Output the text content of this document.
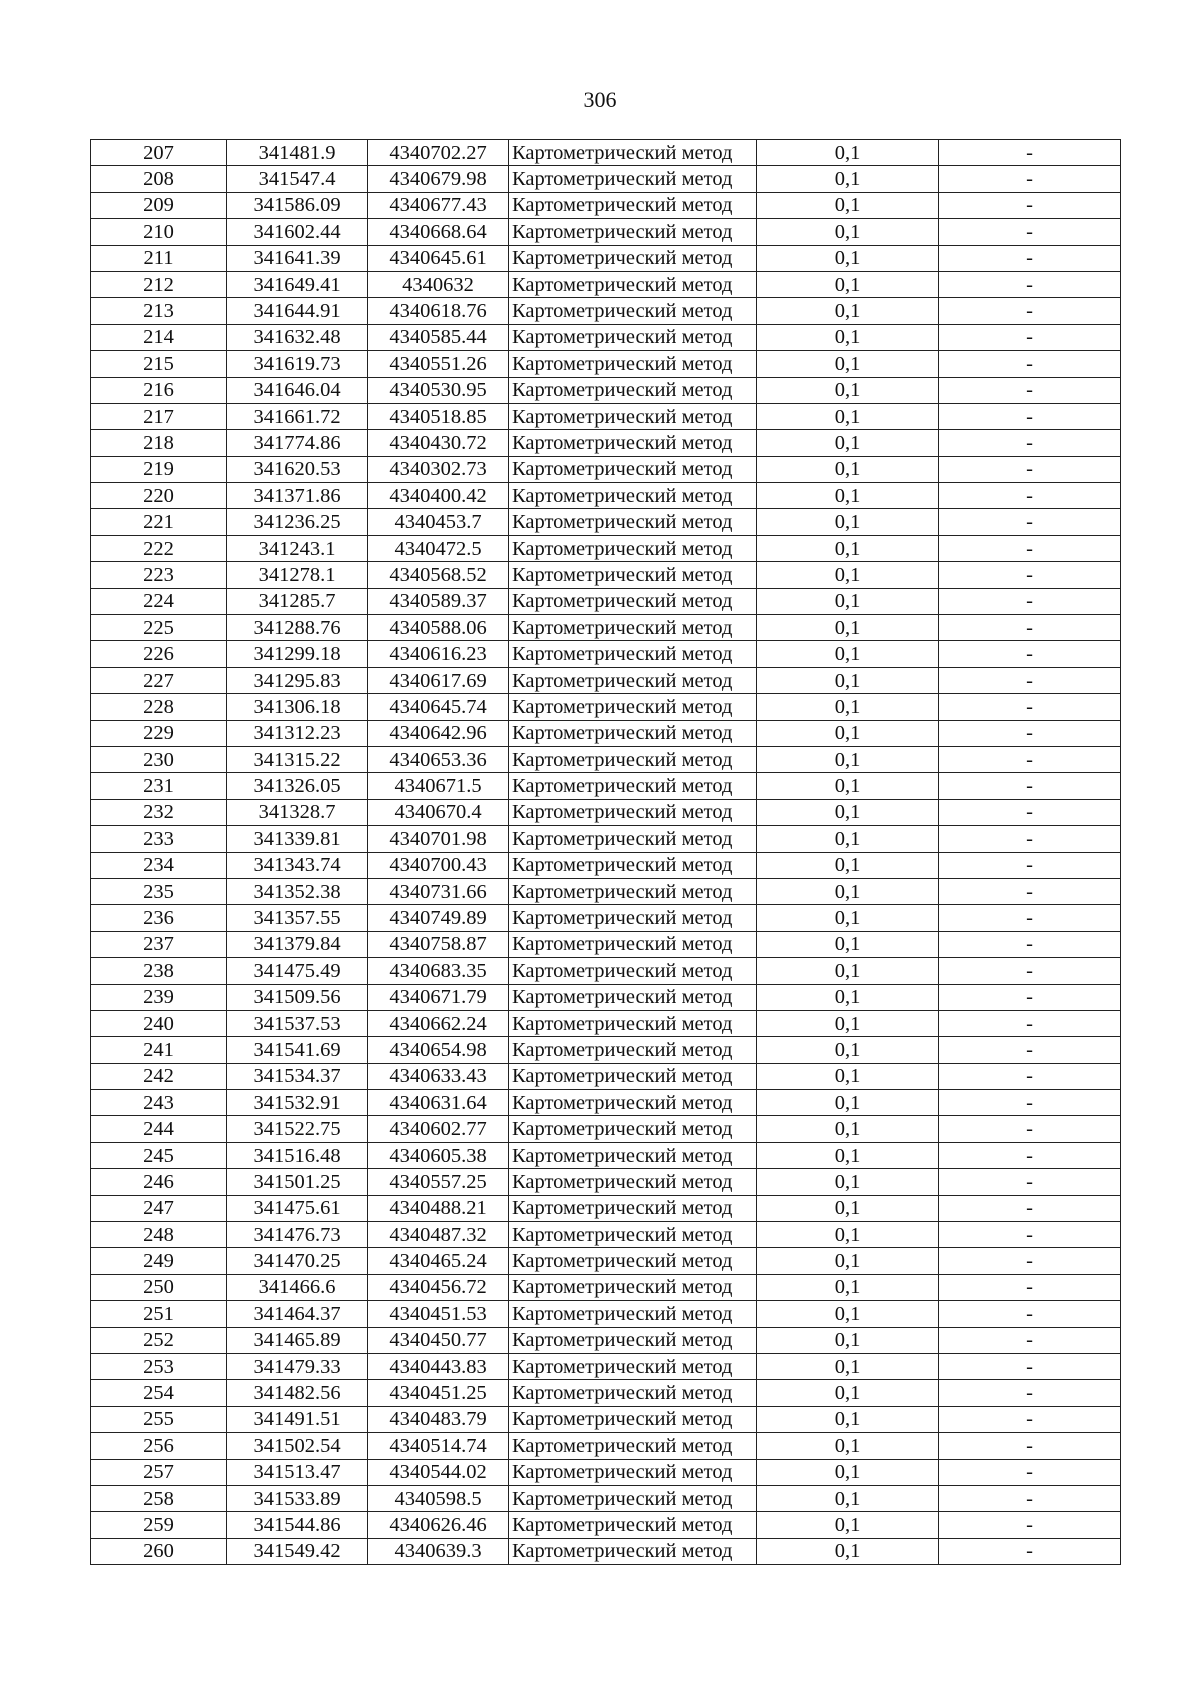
306
207	341481.9	4340702.27	Картометрический метод	0,1	-
208	341547.4	4340679.98	Картометрический метод	0,1	-
209	341586.09	4340677.43	Картометрический метод	0,1	-
210	341602.44	4340668.64	Картометрический метод	0,1	-
211	341641.39	4340645.61	Картометрический метод	0,1	-
212	341649.41	4340632	Картометрический метод	0,1	-
213	341644.91	4340618.76	Картометрический метод	0,1	-
214	341632.48	4340585.44	Картометрический метод	0,1	-
215	341619.73	4340551.26	Картометрический метод	0,1	-
216	341646.04	4340530.95	Картометрический метод	0,1	-
217	341661.72	4340518.85	Картометрический метод	0,1	-
218	341774.86	4340430.72	Картометрический метод	0,1	-
219	341620.53	4340302.73	Картометрический метод	0,1	-
220	341371.86	4340400.42	Картометрический метод	0,1	-
221	341236.25	4340453.7	Картометрический метод	0,1	-
222	341243.1	4340472.5	Картометрический метод	0,1	-
223	341278.1	4340568.52	Картометрический метод	0,1	-
224	341285.7	4340589.37	Картометрический метод	0,1	-
225	341288.76	4340588.06	Картометрический метод	0,1	-
226	341299.18	4340616.23	Картометрический метод	0,1	-
227	341295.83	4340617.69	Картометрический метод	0,1	-
228	341306.18	4340645.74	Картометрический метод	0,1	-
229	341312.23	4340642.96	Картометрический метод	0,1	-
230	341315.22	4340653.36	Картометрический метод	0,1	-
231	341326.05	4340671.5	Картометрический метод	0,1	-
232	341328.7	4340670.4	Картометрический метод	0,1	-
233	341339.81	4340701.98	Картометрический метод	0,1	-
234	341343.74	4340700.43	Картометрический метод	0,1	-
235	341352.38	4340731.66	Картометрический метод	0,1	-
236	341357.55	4340749.89	Картометрический метод	0,1	-
237	341379.84	4340758.87	Картометрический метод	0,1	-
238	341475.49	4340683.35	Картометрический метод	0,1	-
239	341509.56	4340671.79	Картометрический метод	0,1	-
240	341537.53	4340662.24	Картометрический метод	0,1	-
241	341541.69	4340654.98	Картометрический метод	0,1	-
242	341534.37	4340633.43	Картометрический метод	0,1	-
243	341532.91	4340631.64	Картометрический метод	0,1	-
244	341522.75	4340602.77	Картометрический метод	0,1	-
245	341516.48	4340605.38	Картометрический метод	0,1	-
246	341501.25	4340557.25	Картометрический метод	0,1	-
247	341475.61	4340488.21	Картометрический метод	0,1	-
248	341476.73	4340487.32	Картометрический метод	0,1	-
249	341470.25	4340465.24	Картометрический метод	0,1	-
250	341466.6	4340456.72	Картометрический метод	0,1	-
251	341464.37	4340451.53	Картометрический метод	0,1	-
252	341465.89	4340450.77	Картометрический метод	0,1	-
253	341479.33	4340443.83	Картометрический метод	0,1	-
254	341482.56	4340451.25	Картометрический метод	0,1	-
255	341491.51	4340483.79	Картометрический метод	0,1	-
256	341502.54	4340514.74	Картометрический метод	0,1	-
257	341513.47	4340544.02	Картометрический метод	0,1	-
258	341533.89	4340598.5	Картометрический метод	0,1	-
259	341544.86	4340626.46	Картометрический метод	0,1	-
260	341549.42	4340639.3	Картометрический метод	0,1	-
